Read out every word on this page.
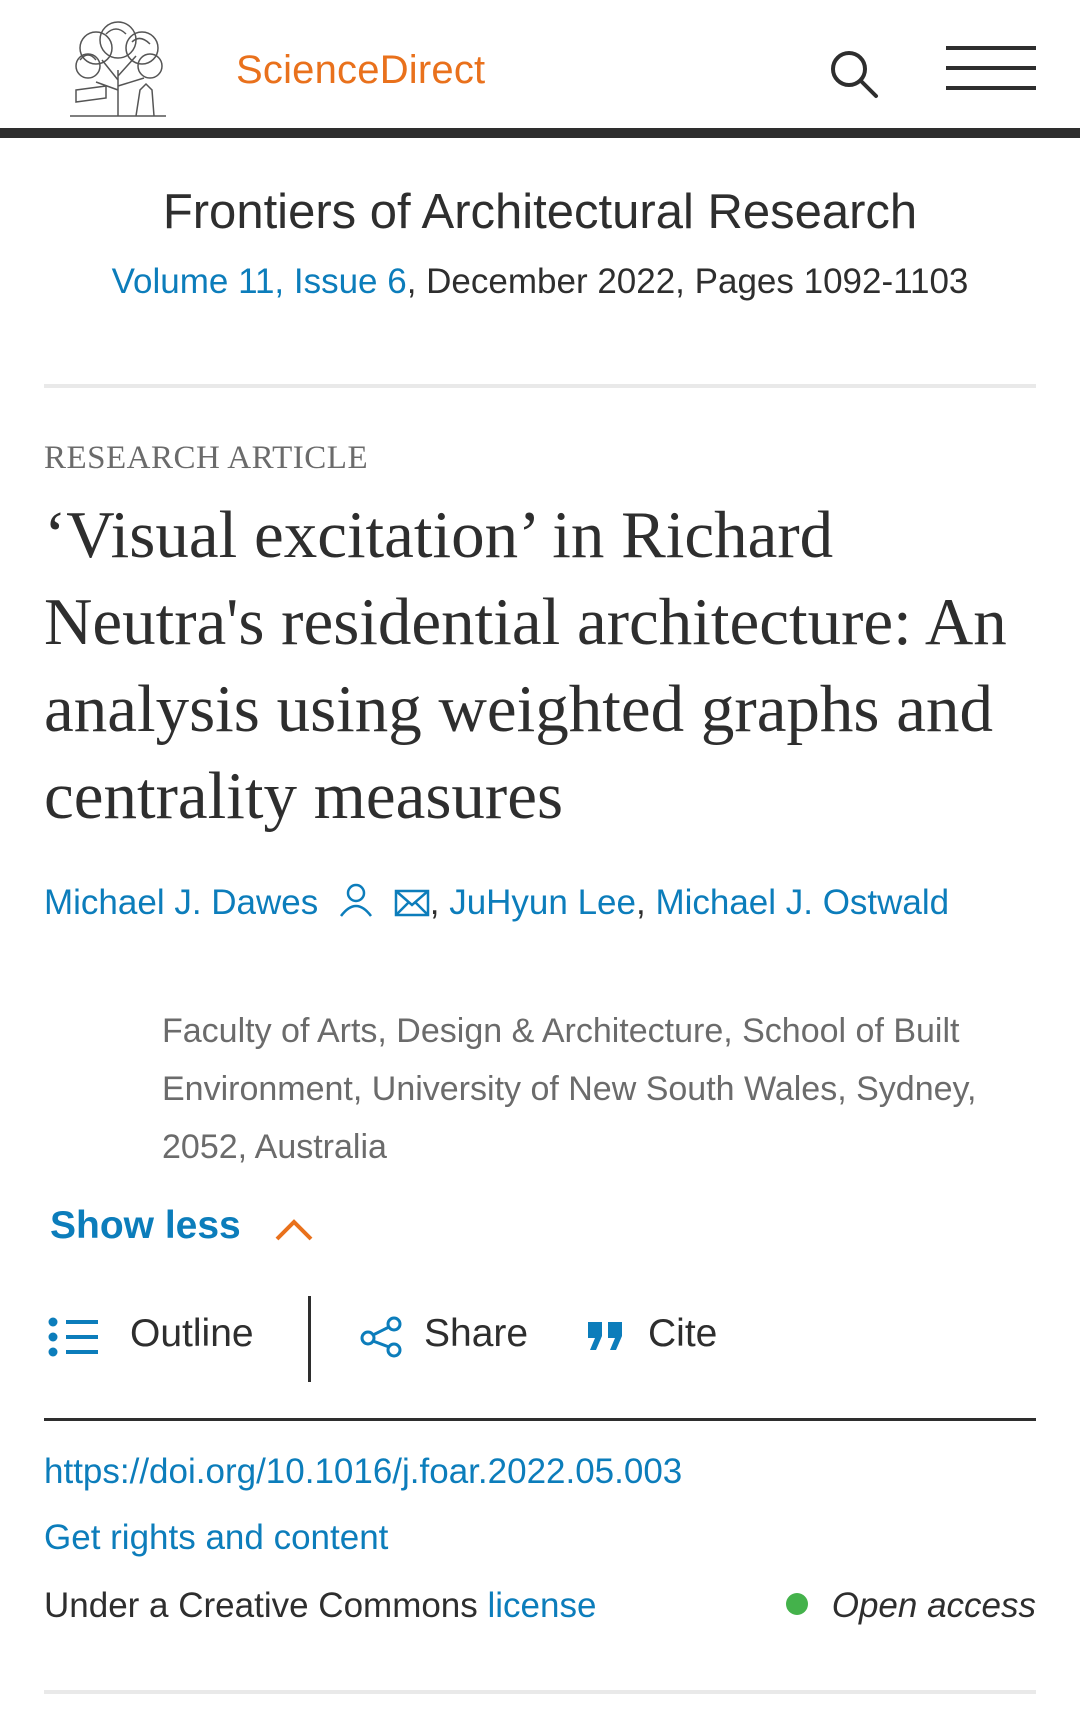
ScienceDirect
Frontiers of Architectural Research
Volume 11, Issue 6, December 2022, Pages 1092-1103
RESEARCH ARTICLE
‘Visual excitation’ in Richard Neutra's residential architecture: An analysis using weighted graphs and centrality measures
Michael J. Dawes	, JuHyun Lee, Michael J. Ostwald
Faculty of Arts, Design & Architecture, School of Built Environment, University of New South Wales, Sydney, 2052, Australia
Show less
Outline	Share	Cite
https://doi.org/10.1016/j.foar.2022.05.003
Get rights and content
Under a Creative Commons license	Open access
